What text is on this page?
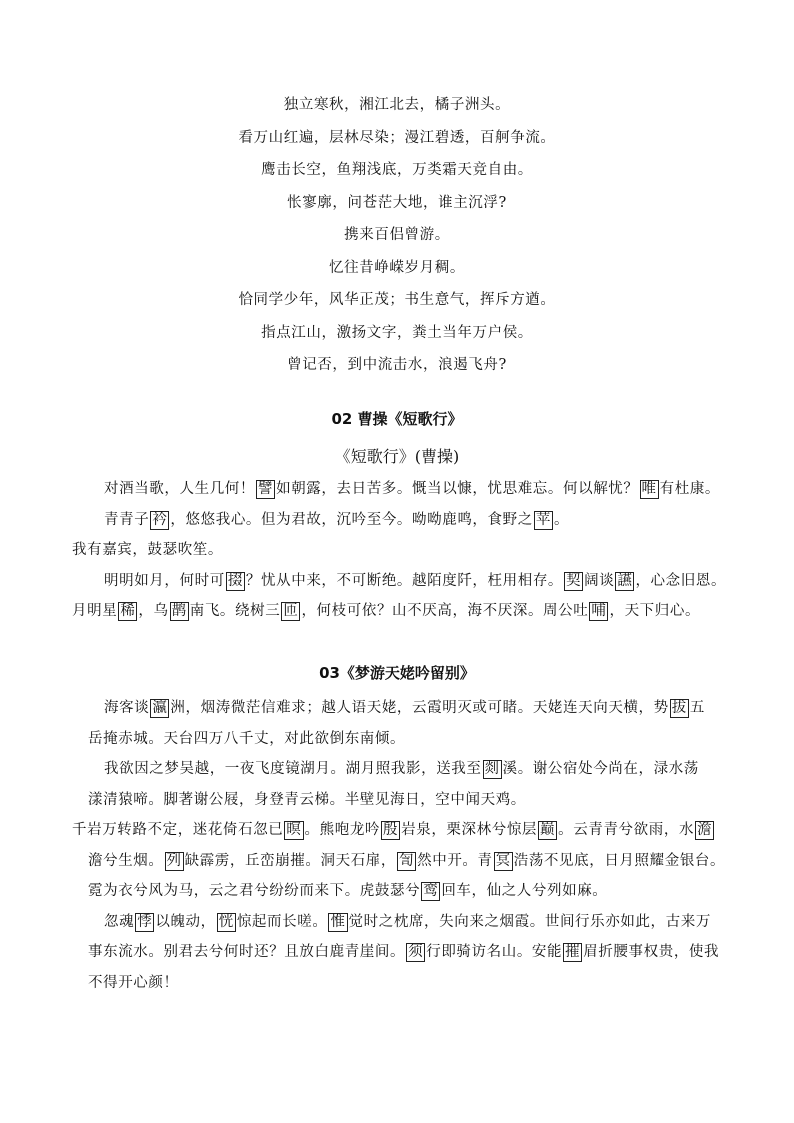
独立寒秋，湘江北去，橘子洲头。
看万山红遍，层林尽染；漫江碧透，百舸争流。
鹰击长空，鱼翔浅底，万类霜天竞自由。
怅寥廓，问苍茫大地，谁主沉浮?
携来百侣曾游。
忆往昔峥嵘岁月稠。
恰同学少年，风华正茂；书生意气，挥斥方遒。
指点江山，激扬文字，粪土当年万户侯。
曾记否，到中流击水，浪遏飞舟?
02 曹操《短歌行》
《短歌行》(曹操)
对酒当歌，人生几何！ 譬 如朝露，去日苦多。慨当以慷，忧思难忘。何以解忧？ 唯 有杜康。
青青子 衿 ，悠悠我心。但为君故，沉吟至今。呦呦鹿鸣，食野之 苹 。
我有嘉宾，鼓瑟吹笙。
明明如月，何时可 掇 ？忧从中来，不可断绝。越陌度阡，枉用相存。 契 阔谈 讌 ，心念旧恩。
月明星 稀 ，乌 鹊 南飞。绕树三 匝 ，何枝可依？山不厌高，海不厌深。周公吐 哺 ，天下归心。
03《梦游天姥吟留别》
海客谈 瀛 洲，烟涛微茫信难求；越人语天姥，云霞明灭或可睹。天姥连天向天横，势 拔 五
岳掩赤城。天台四万八千丈，对此欲倒东南倾。
我欲因之梦吴越，一夜飞度镜湖月。湖月照我影，送我至 剡 溪。谢公宿处今尚在，渌水荡
漾清猿啼。脚著谢公屐，身登青云梯。半壁见海日，空中闻天鸡。
千岩万转路不定，迷花倚石忽已 暝 。熊咆龙吟 殷 岩泉，栗深林兮惊层 巅 。云青青兮欲雨，水 澹
澹兮生烟。 列 缺霹雳，丘峦崩摧。洞天石扉， 訇 然中开。青 冥 浩荡不见底，日月照耀金银台。
霓为衣兮风为马，云之君兮纷纷而来下。虎鼓瑟兮 鸾 回车，仙之人兮列如麻。
忽魂 悸 以魄动， 恍 惊起而长嗟。 惟 觉时之枕席，失向来之烟霞。世间行乐亦如此，古来万
事东流水。别君去兮何时还？且放白鹿青崖间。 须 行即骑访名山。安能 摧 眉折腰事权贵，使我
不得开心颜！
